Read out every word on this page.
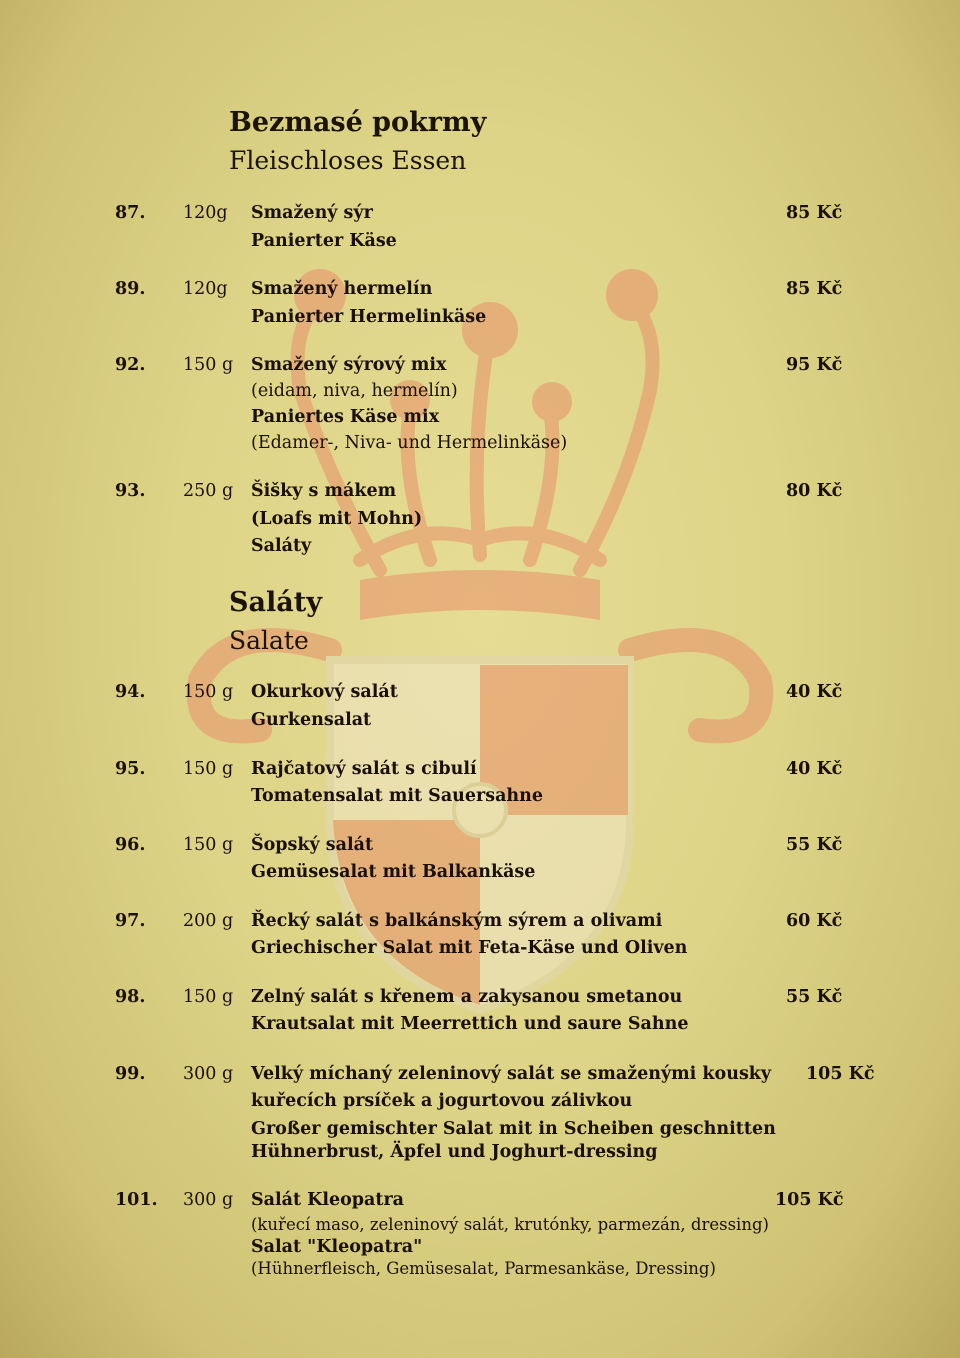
Bezmasé pokrmy
Fleischloses Essen
87. 120g Smažený sýr
Panierter Käse
85 Kč
89. 120g Smažený hermelín
Panierter Hermelinkäse
85 Kč
92. 150 g Smažený sýrový mix
(eidam, niva, hermelín)
Paniertes Käse mix
(Edamer-, Niva- und Hermelinkäse)
95 Kč
93. 250 g Šišky s mákem
(Loafs mit Mohn)
Saláty
80 Kč
Saláty
Salate
94. 150 g Okurkový salát
Gurkensalat
40 Kč
95. 150 g Rajčatový salát s cibulí
Tomatensalat mit Sauersahne
40 Kč
96. 150 g Šopský salát
Gemüsesalat mit Balkankäse
55 Kč
97. 200 g Řecký salát s balkánským sýrem a olivami
Griechischer Salat mit Feta-Käse und Oliven
60 Kč
98. 150 g Zelný salát s křenem a zakysanou smetanou
Krautsalat mit Meerrettich und saure Sahne
55 Kč
99. 300 g Velký míchaný zeleninový salát se smaženými kousky
kuřecích prsíček a jogurtovou zálivkou
Großer gemischter Salat mit in Scheiben geschnitten
Hühnerbrust, Äpfel und Joghurt-dressing
105 Kč
101. 300 g Salát Kleopatra
(kuřecí maso, zeleninový salát, krutónky, parmezán, dressing)
Salat "Kleopatra"
(Hühnerfleisch, Gemüsesalat, Parmesankäse, Dressing)
105 Kč
